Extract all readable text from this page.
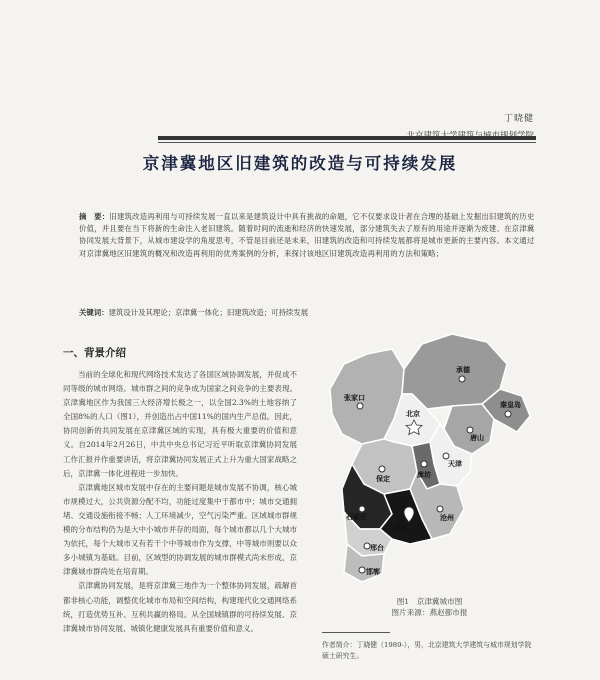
丁晓健
京津冀地区旧建筑的改造与可持续发展
摘　要：旧建筑改造再利用与可持续发展一直以来是建筑设计中具有挑战的命题，它不仅要求设计者在合理的基础上发掘出旧建筑的历史价值，并且要在当下将新的生命注入老旧建筑。随着时间的流逝和经济的快速发展，部分建筑失去了原有的用途并逐渐为废建、在京津冀协同发展大背景下，从城市建设学的角度思考，不管是目前还是未来，旧建筑的改造和可持续发展都将是城市更新的主要内容。本文通过对京津冀地区旧建筑的概况和改造再利用的优秀案例的分析，来探讨该地区旧建筑改造再利用的方法和策略；
关键词：建筑设计及其理论；京津冀一体化；旧建筑改造；可持续发展
一、背景介绍

当前的全球化和现代网络技术发达了各国区域协调发展，并促成不同等级的城市网络。城市群之间的竞争成为国家之间竞争的主要表现。京津冀地区作为我国三大经济增长极之一，以全国2.3%的土地容纳了全国8%的人口（图1），并创造出占中国11%的国内生产总值。因此，协同创新的共同发展在京津冀区域的实现，具有极大重要的价值和意义。自2014年2月26日，中共中央总书记习近平听取京津冀协同发展工作汇报并作重要讲话，将京津冀协同发展正式上升为重大国家战略之后，京津冀一体化进程进一步加快。

京津冀地区城市发展中存在的主要问题是城市发展不协调，核心城市规模过大，公共资源分配不均，功能过度集中于都市中；城市交通拥堵、交通设施衔接不畅；人工环境减少，空气污染严重。区域城市群规模的分布结构仍为是大中小城市并存的局面，每个城市都以几个大城市为依托，每个大城市又有若干个中等城市作为支撑，中等城市则要以众多小城镇为基础。目前，区域型的协调发展的城市群模式尚未形成，京津冀城市群尚处在培育期。

京津冀协同发展，是将京津冀三地作为一个整体协同发展，疏解首都非核心功能，调整优化城市布局和空间结构，构建现代化交通网络系统，打造优势互补、互利共赢的格局。从全国城镇群的可持续发展、京津冀城市协同发展、城镇化健康发展具有重要价值和意义。

张家口
承德
秦皇岛
唐山
北京
廊坊
天津
保定
沧州
石家庄
衡水
邢台
邯郸
图1　京津冀城市图
图片来源：燕赵都市报
作者简介：丁晓健（1989-），男，北京建筑大学建筑与城市规划学院硕士研究生。
